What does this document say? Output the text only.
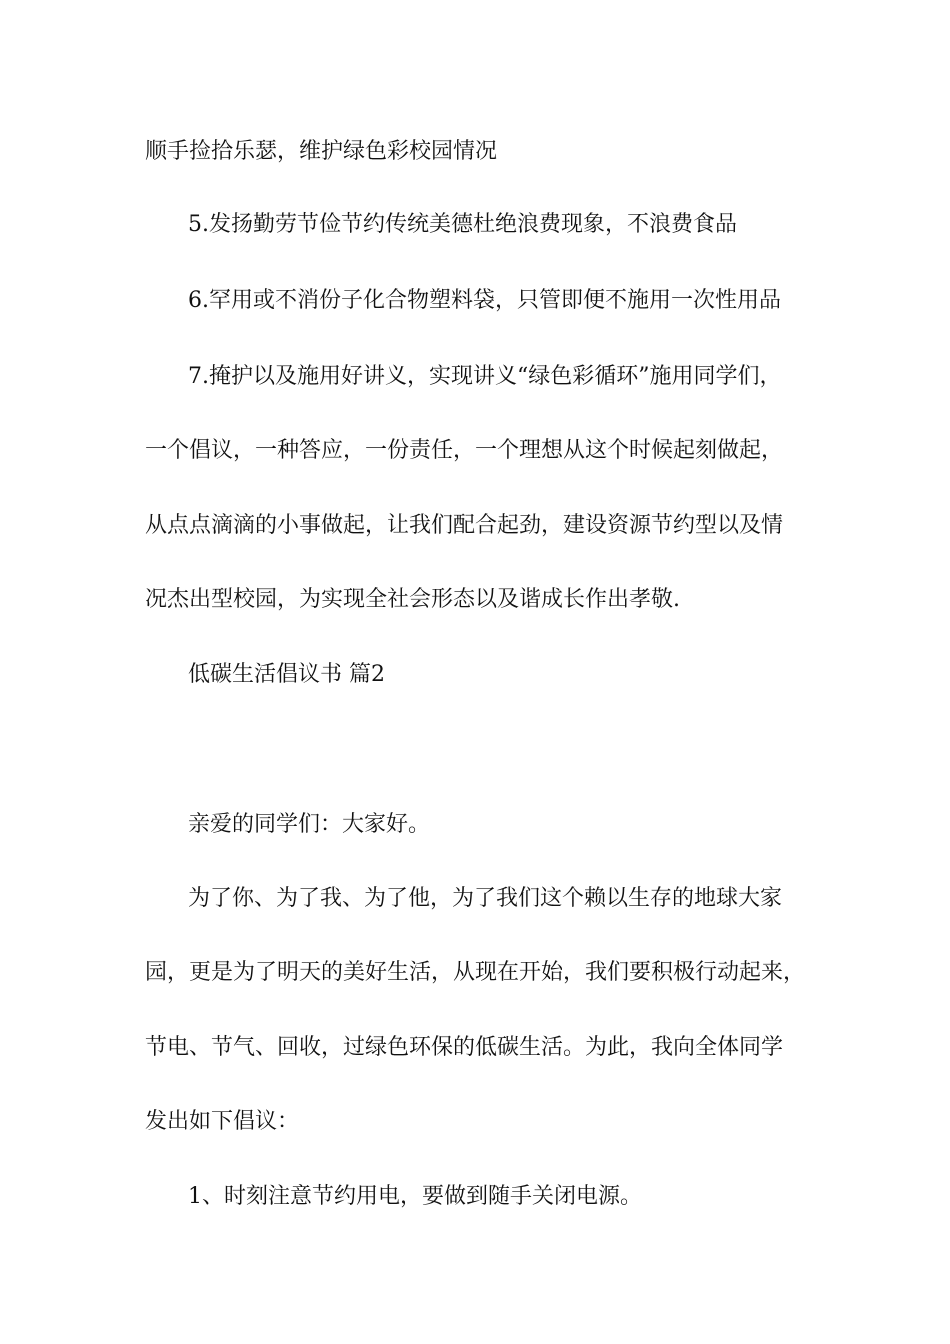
顺手捡拾乐瑟，维护绿色彩校园情况

5.发扬勤劳节俭节约传统美德杜绝浪费现象，不浪费食品

6.罕用或不消份子化合物塑料袋，只管即便不施用一次性用品

7.掩护以及施用好讲义，实现讲义“绿色彩循环”施用同学们，

一个倡议，一种答应，一份责任，一个理想从这个时候起刻做起，

从点点滴滴的小事做起，让我们配合起劲，建设资源节约型以及情

况杰出型校园，为实现全社会形态以及谐成长作出孝敬.

低碳生活倡议书 篇2

亲爱的同学们：大家好。

为了你、为了我、为了他，为了我们这个赖以生存的地球大家

园，更是为了明天的美好生活，从现在开始，我们要积极行动起来，

节电、节气、回收，过绿色环保的低碳生活。为此，我向全体同学

发出如下倡议：

1、时刻注意节约用电，要做到随手关闭电源。
